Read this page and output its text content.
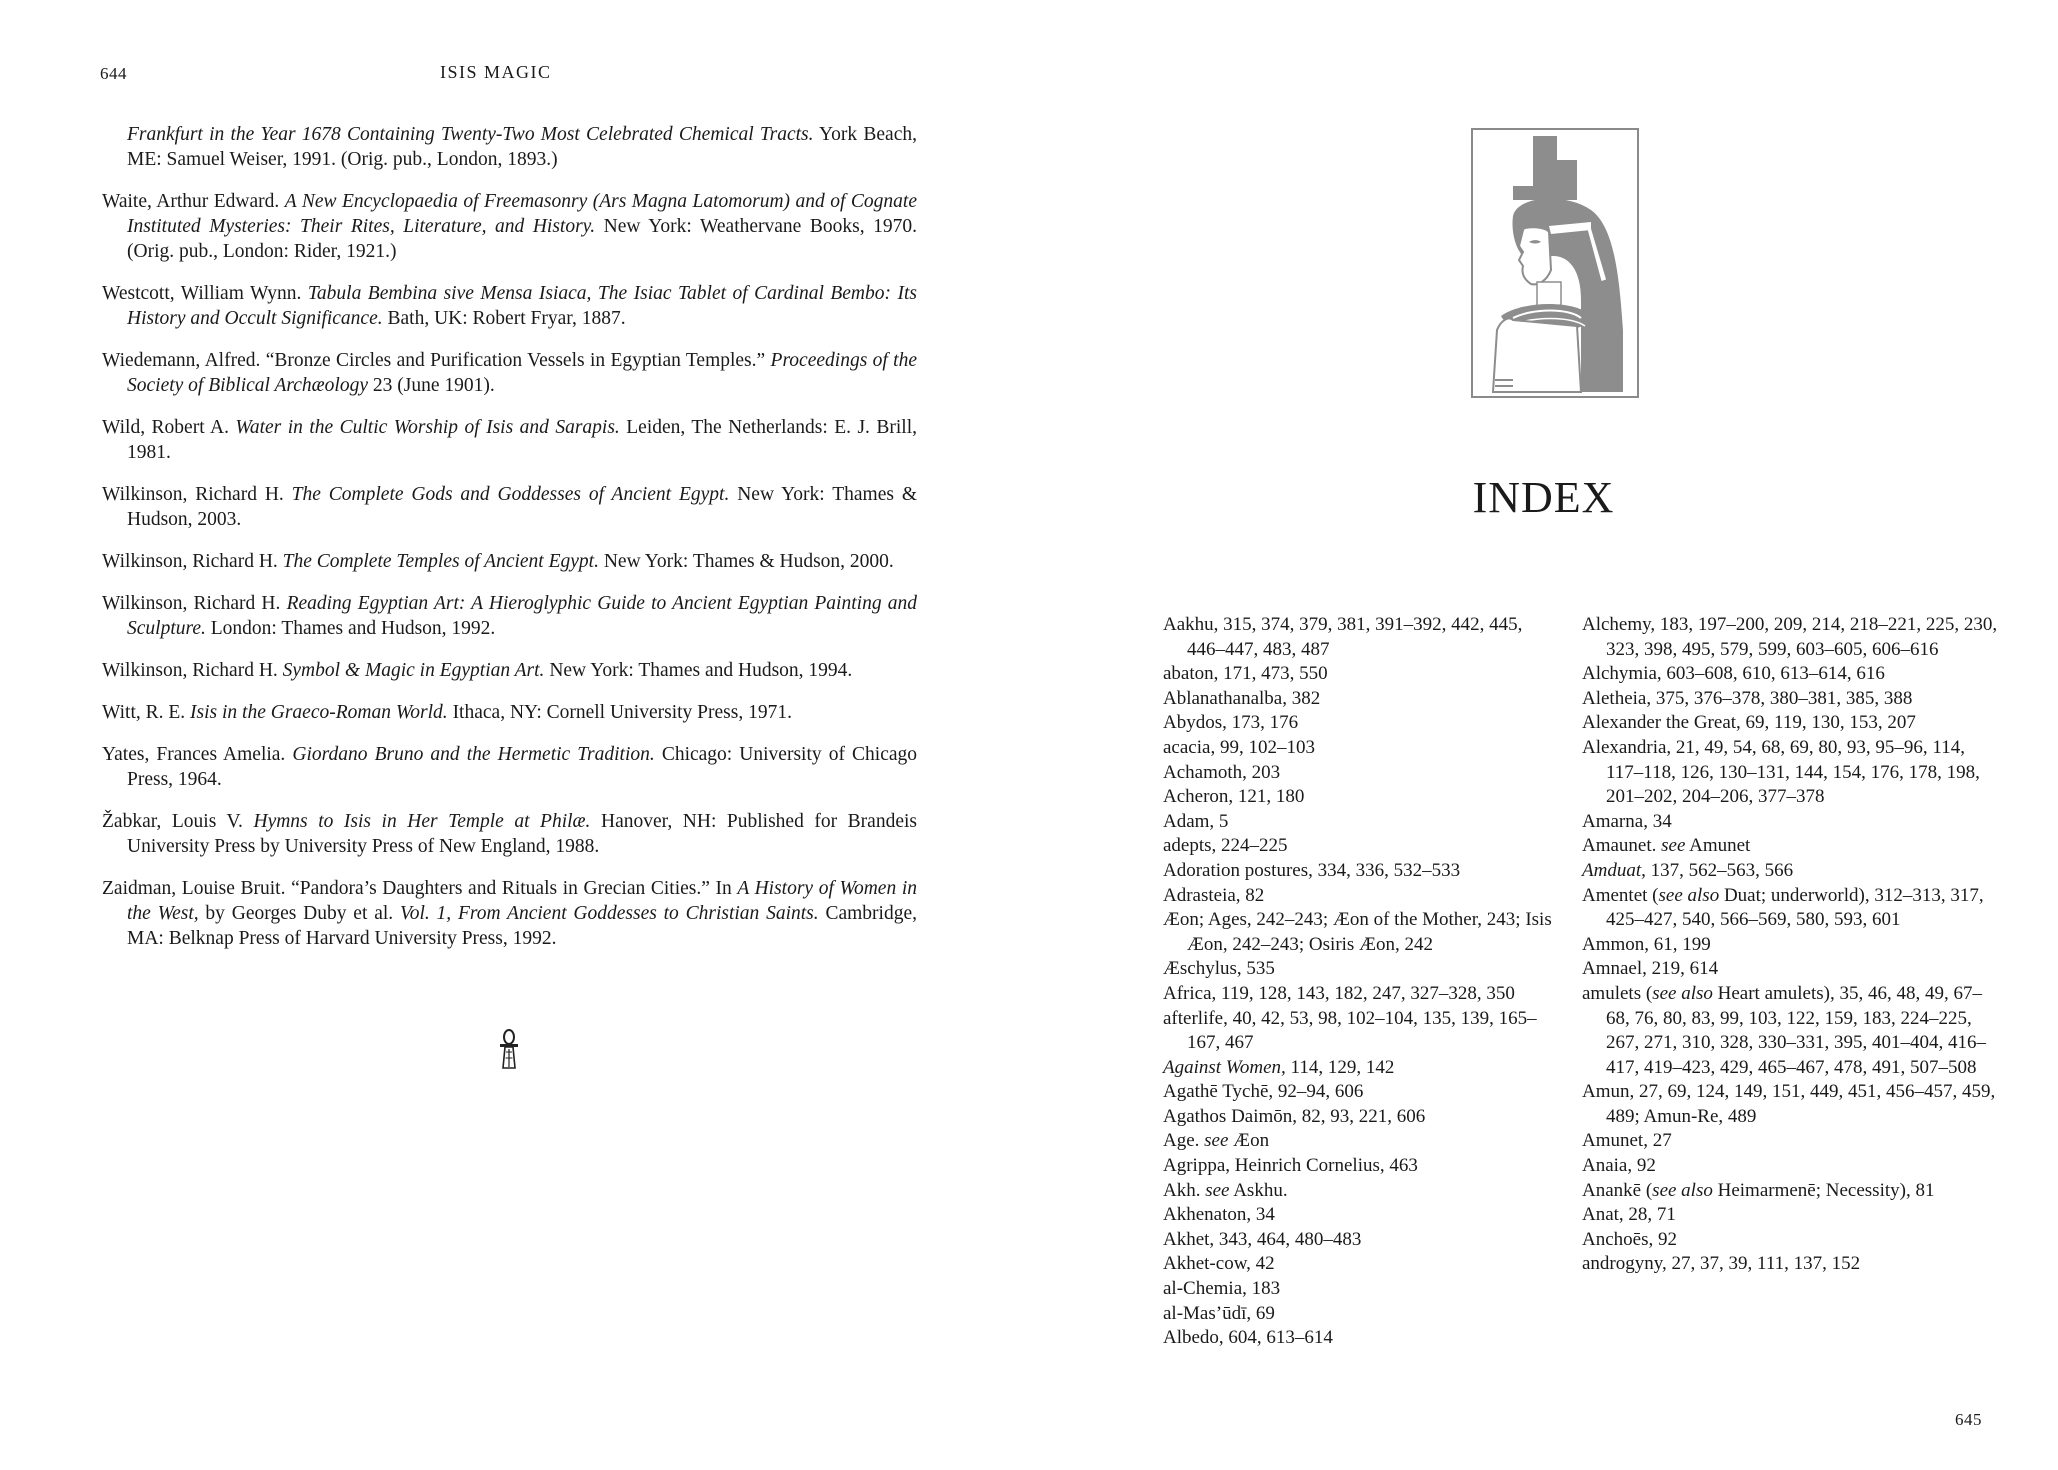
644	ISIS MAGIC

Frankfurt in the Year 1678 Containing Twenty-Two Most Celebrated Chemical Tracts. York Beach, ME: Samuel Weiser, 1991. (Orig. pub., London, 1893.)

Waite, Arthur Edward. A New Encyclopaedia of Freemasonry (Ars Magna Latomorum) and of Cognate Instituted Mysteries: Their Rites, Literature, and History. New York: Weathervane Books, 1970. (Orig. pub., London: Rider, 1921.)

Westcott, William Wynn. Tabula Bembina sive Mensa Isiaca, The Isiac Tablet of Cardinal Bembo: Its History and Occult Significance. Bath, UK: Robert Fryar, 1887.

Wiedemann, Alfred. “Bronze Circles and Purification Vessels in Egyptian Temples.” Proceedings of the Society of Biblical Archæology 23 (June 1901).

Wild, Robert A. Water in the Cultic Worship of Isis and Sarapis. Leiden, The Netherlands: E. J. Brill, 1981.

Wilkinson, Richard H. The Complete Gods and Goddesses of Ancient Egypt. New York: Thames & Hudson, 2003.

Wilkinson, Richard H. The Complete Temples of Ancient Egypt. New York: Thames & Hudson, 2000.

Wilkinson, Richard H. Reading Egyptian Art: A Hieroglyphic Guide to Ancient Egyptian Painting and Sculpture. London: Thames and Hudson, 1992.

Wilkinson, Richard H. Symbol & Magic in Egyptian Art. New York: Thames and Hudson, 1994.

Witt, R. E. Isis in the Graeco-Roman World. Ithaca, NY: Cornell University Press, 1971.

Yates, Frances Amelia. Giordano Bruno and the Hermetic Tradition. Chicago: University of Chicago Press, 1964.

Žabkar, Louis V. Hymns to Isis in Her Temple at Philæ. Hanover, NH: Published for Brandeis University Press by University Press of New England, 1988.

Zaidman, Louise Bruit. “Pandora’s Daughters and Rituals in Grecian Cities.” In A History of Women in the West, by Georges Duby et al. Vol. 1, From Ancient Goddesses to Christian Saints. Cambridge, MA: Belknap Press of Harvard University Press, 1992.

INDEX
Aakhu, 315, 374, 379, 381, 391–392, 442, 445, 446–447, 483, 487
abaton, 171, 473, 550
Ablanathanalba, 382
Abydos, 173, 176
acacia, 99, 102–103
Achamoth, 203
Acheron, 121, 180
Adam, 5
adepts, 224–225
Adoration postures, 334, 336, 532–533
Adrasteia, 82
Æon; Ages, 242–243; Æon of the Mother, 243; Isis Æon, 242–243; Osiris Æon, 242
Æschylus, 535
Africa, 119, 128, 143, 182, 247, 327–328, 350
afterlife, 40, 42, 53, 98, 102–104, 135, 139, 165–167, 467
Against Women, 114, 129, 142
Agathē Tychē, 92–94, 606
Agathos Daimōn, 82, 93, 221, 606
Age. see Æon
Agrippa, Heinrich Cornelius, 463
Akh. see Askhu.
Akhenaton, 34
Akhet, 343, 464, 480–483
Akhet-cow, 42
al-Chemia, 183
al-Mas’ūdī, 69
Albedo, 604, 613–614
Alchemy, 183, 197–200, 209, 214, 218–221, 225, 230, 323, 398, 495, 579, 599, 603–605, 606–616
Alchymia, 603–608, 610, 613–614, 616
Aletheia, 375, 376–378, 380–381, 385, 388
Alexander the Great, 69, 119, 130, 153, 207
Alexandria, 21, 49, 54, 68, 69, 80, 93, 95–96, 114, 117–118, 126, 130–131, 144, 154, 176, 178, 198, 201–202, 204–206, 377–378
Amarna, 34
Amaunet. see Amunet
Amduat, 137, 562–563, 566
Amentet (see also Duat; underworld), 312–313, 317, 425–427, 540, 566–569, 580, 593, 601
Ammon, 61, 199
Amnael, 219, 614
amulets (see also Heart amulets), 35, 46, 48, 49, 67–68, 76, 80, 83, 99, 103, 122, 159, 183, 224–225, 267, 271, 310, 328, 330–331, 395, 401–404, 416–417, 419–423, 429, 465–467, 478, 491, 507–508
Amun, 27, 69, 124, 149, 151, 449, 451, 456–457, 459, 489; Amun-Re, 489
Amunet, 27
Anaia, 92
Anankē (see also Heimarmenē; Necessity), 81
Anat, 28, 71
Anchoēs, 92
androgyny, 27, 37, 39, 111, 137, 152
645
